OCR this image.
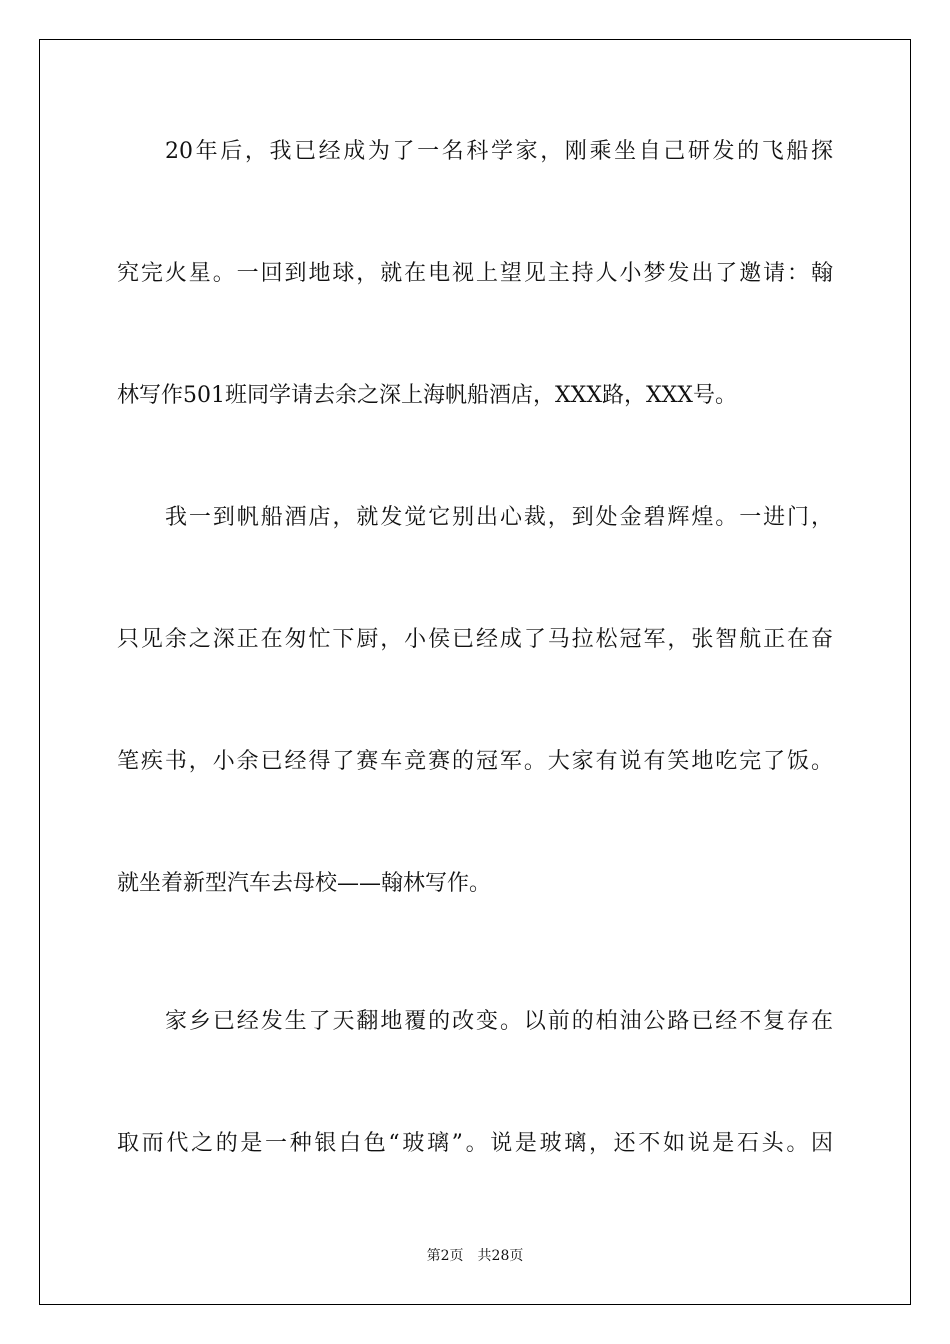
20年后，我已经成为了一名科学家，刚乘坐自己研发的飞船探
究完火星。一回到地球，就在电视上望见主持人小梦发出了邀请：翰
林写作501班同学请去余之深上海帆船酒店，XXX路，XXX号。
我一到帆船酒店，就发觉它别出心裁，到处金碧辉煌。一进门，
只见余之深正在匆忙下厨，小侯已经成了马拉松冠军，张智航正在奋
笔疾书，小余已经得了赛车竞赛的冠军。大家有说有笑地吃完了饭。
就坐着新型汽车去母校——翰林写作。
家乡已经发生了天翻地覆的改变。以前的柏油公路已经不复存在
取而代之的是一种银白色“玻璃”。说是玻璃，还不如说是石头。因
第2页 共28页
